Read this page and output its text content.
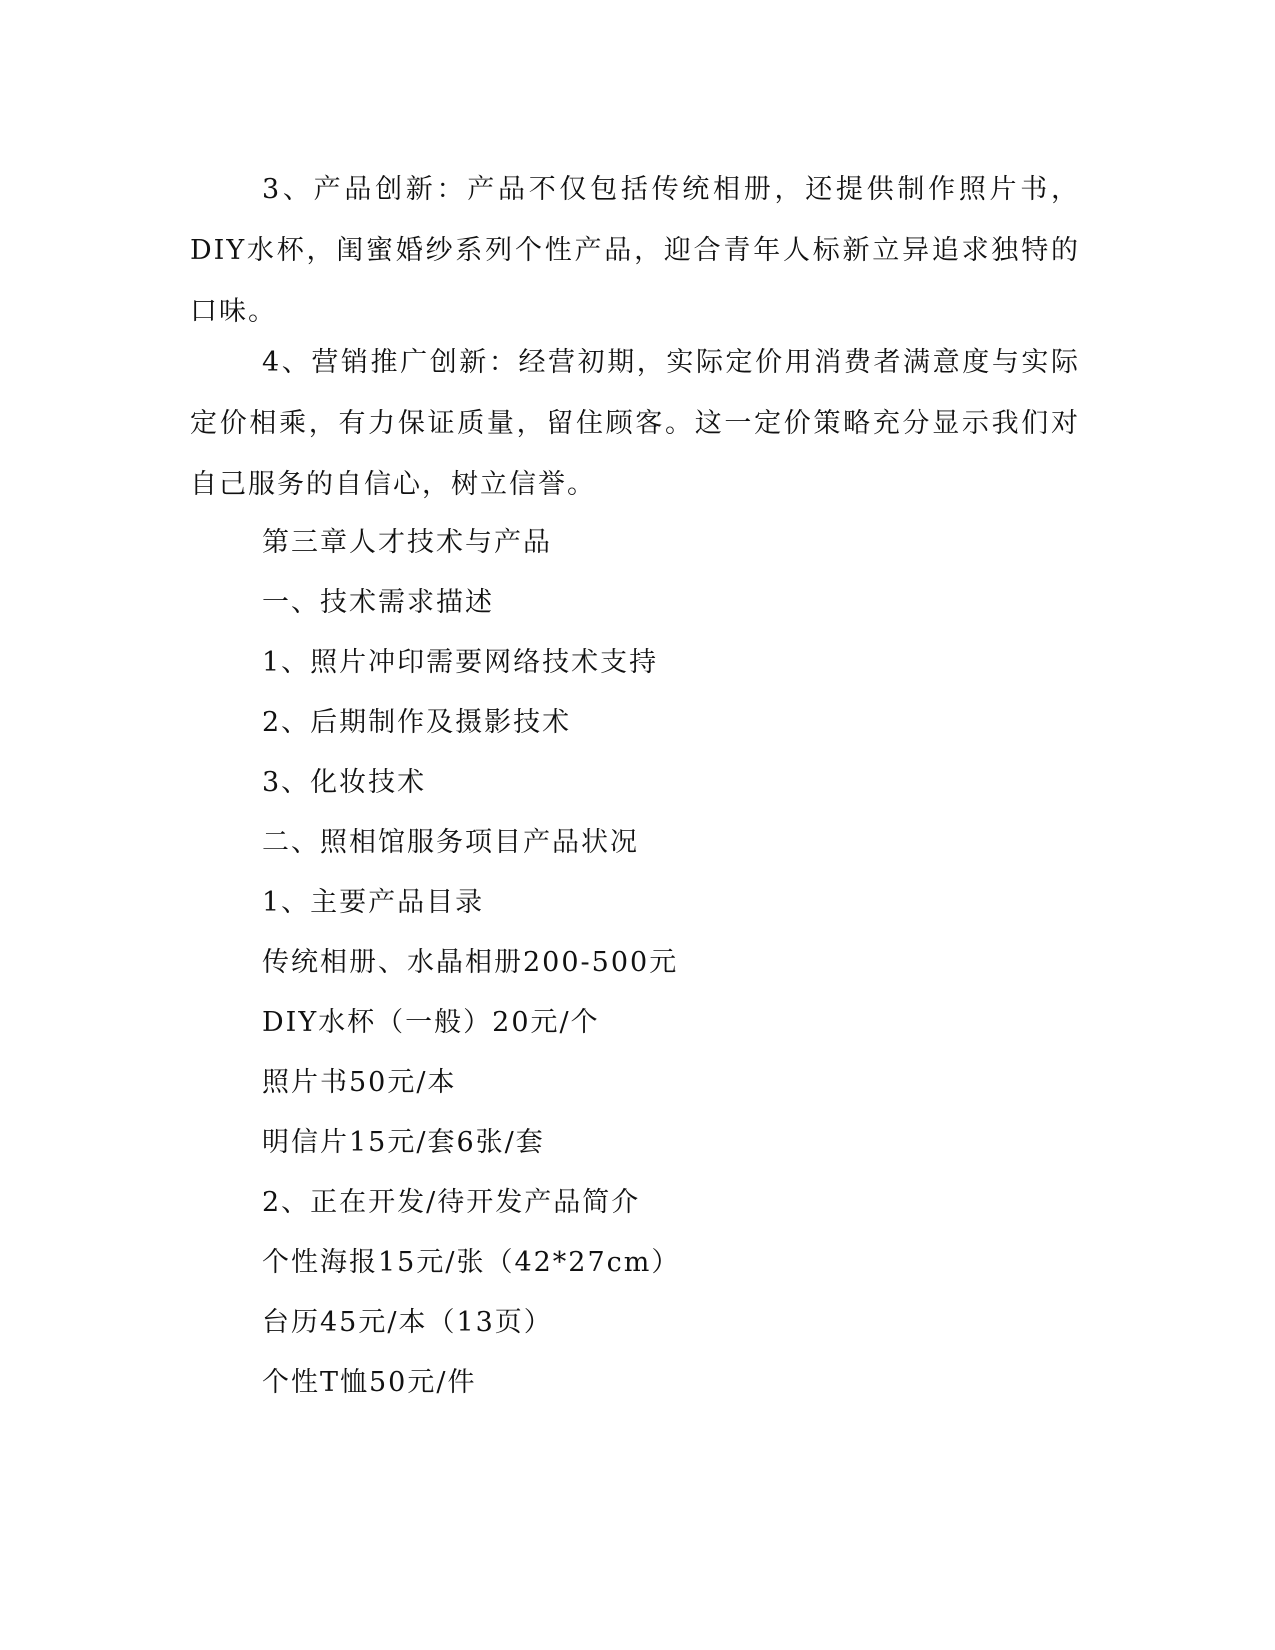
3、产品创新：产品不仅包括传统相册，还提供制作照片书，DIY水杯，闺蜜婚纱系列个性产品，迎合青年人标新立异追求独特的口味。

4、营销推广创新：经营初期，实际定价用消费者满意度与实际定价相乘，有力保证质量，留住顾客。这一定价策略充分显示我们对自己服务的自信心，树立信誉。

第三章人才技术与产品

一、技术需求描述

1、照片冲印需要网络技术支持

2、后期制作及摄影技术

3、化妆技术

二、照相馆服务项目产品状况

1、主要产品目录

传统相册、水晶相册200-500元

DIY水杯（一般）20元/个

照片书50元/本

明信片15元/套6张/套

2、正在开发/待开发产品简介

个性海报15元/张（42*27cm）

台历45元/本（13页）

个性T恤50元/件
